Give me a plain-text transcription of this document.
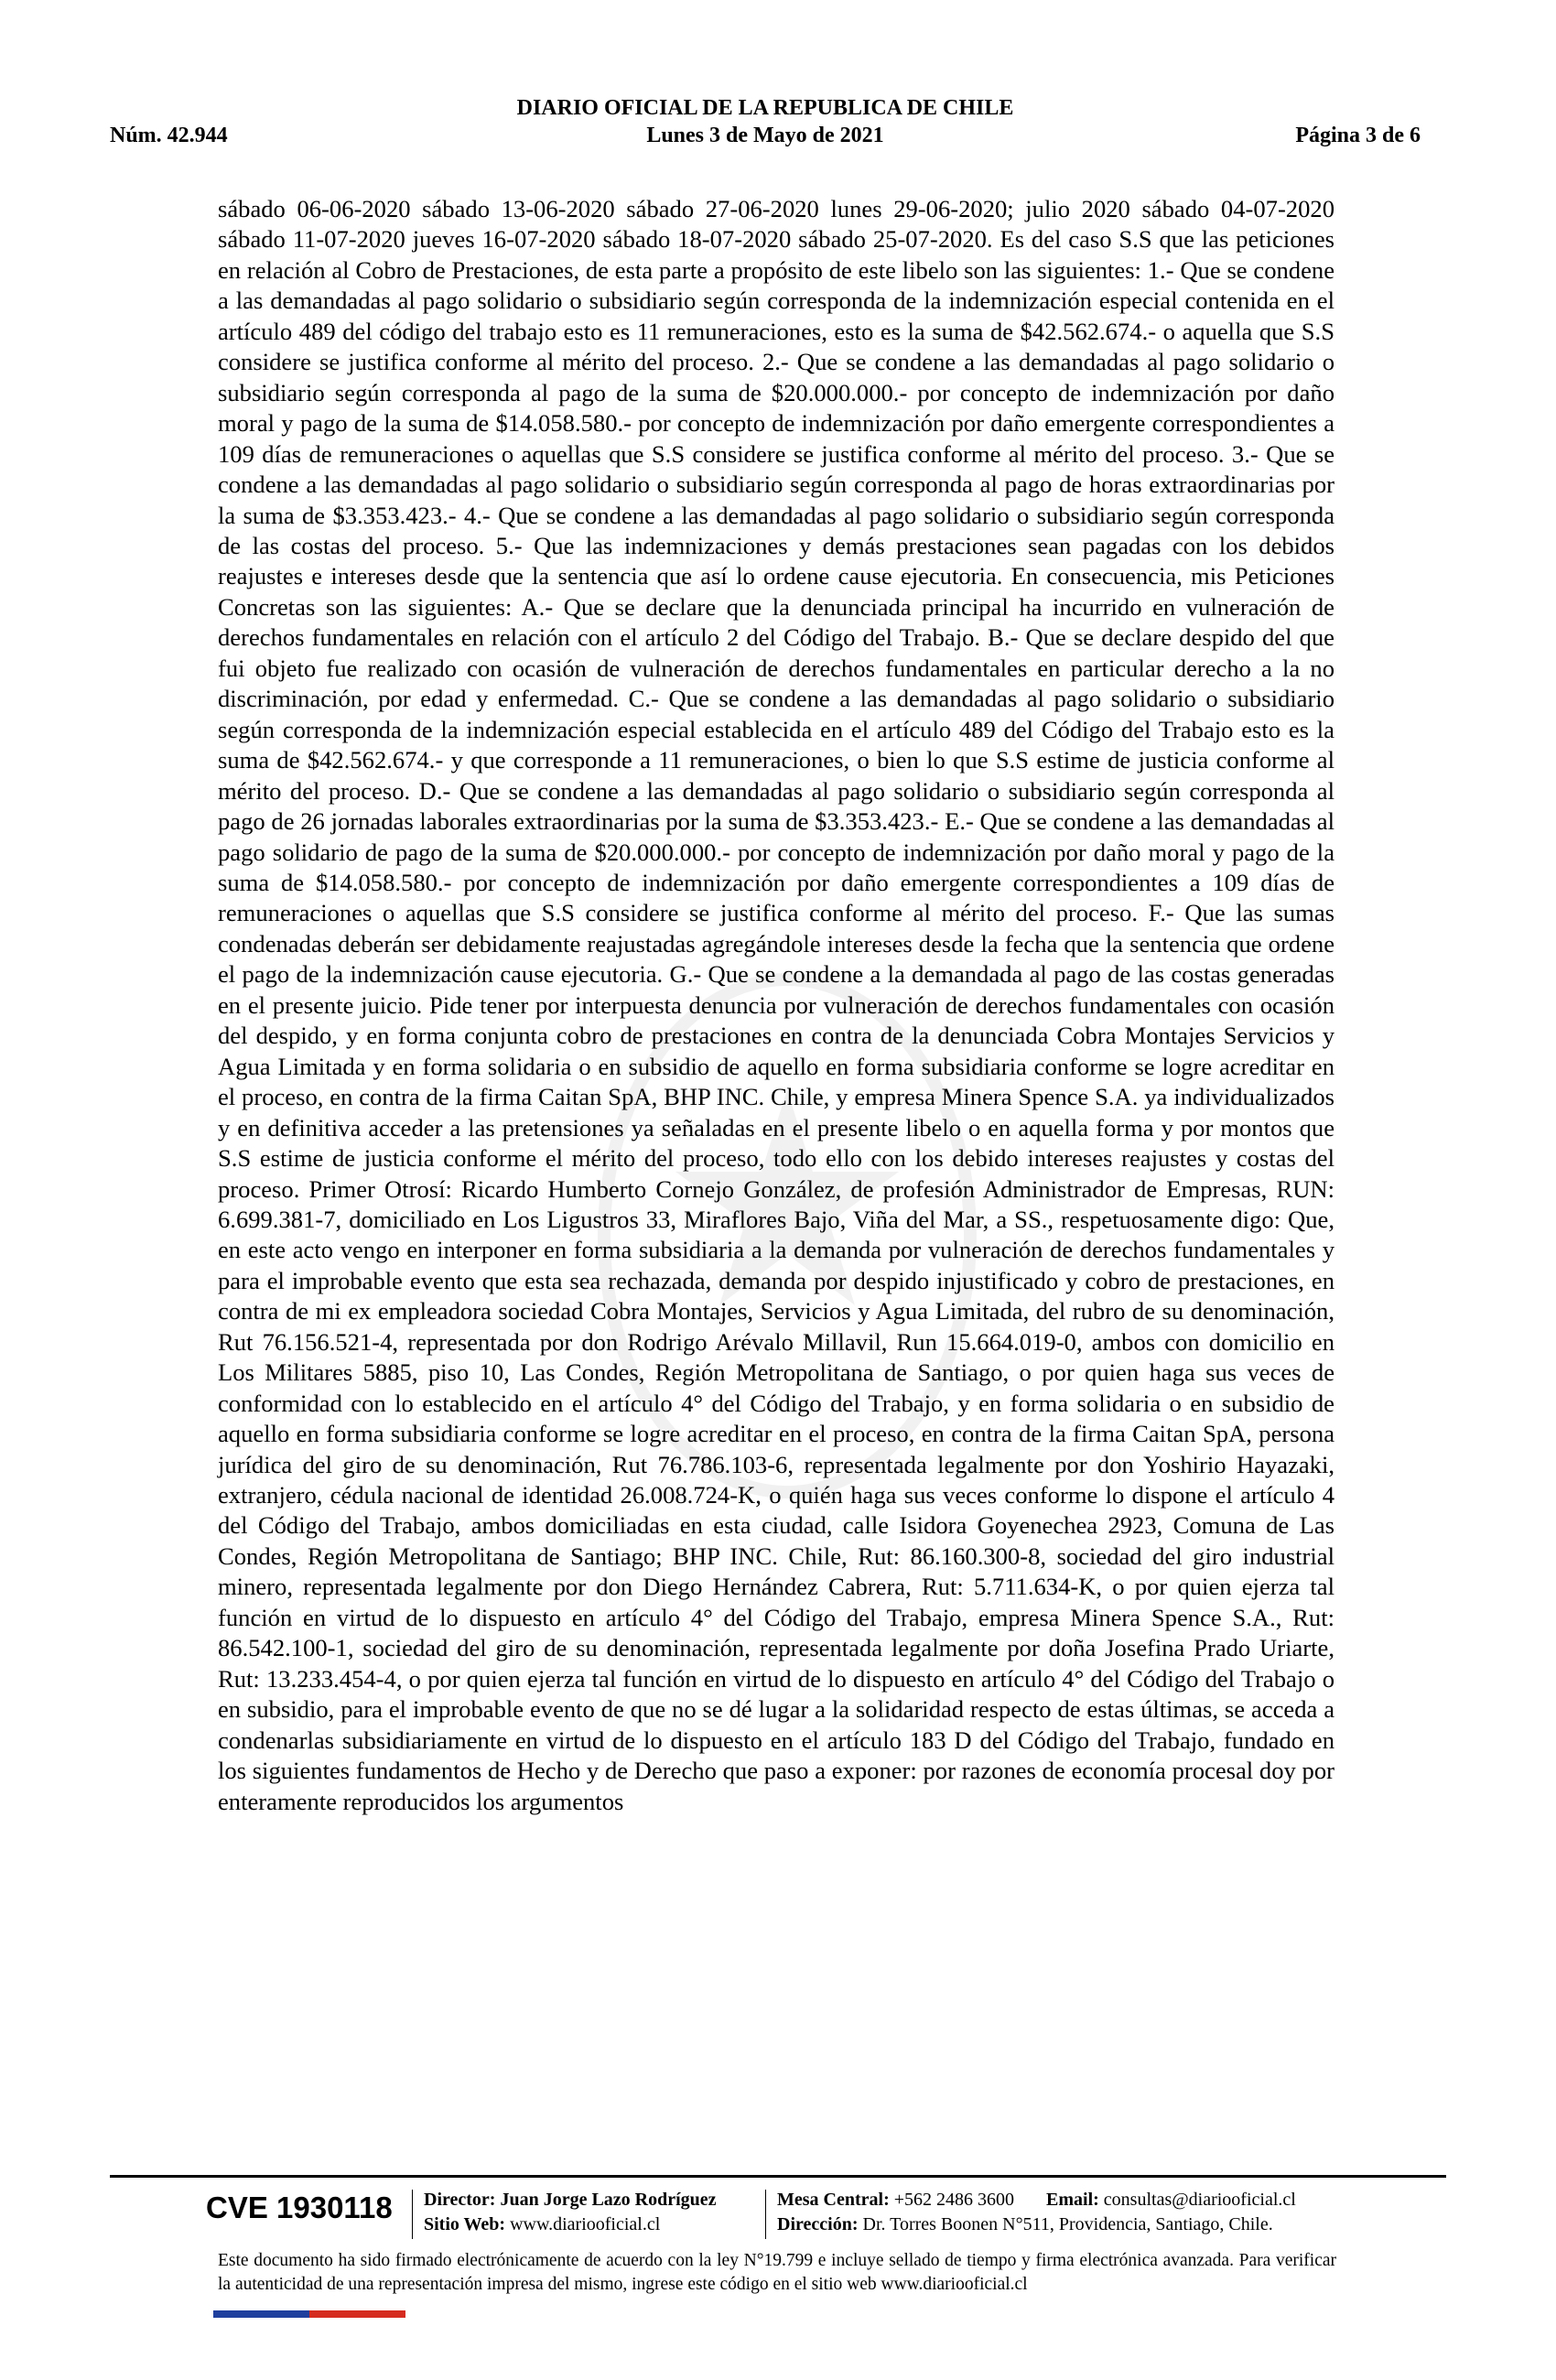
DIARIO OFICIAL DE LA REPUBLICA DE CHILE
Núm. 42.944	Lunes 3 de Mayo de 2021	Página 3 de 6

sábado 06-06-2020 sábado 13-06-2020 sábado 27-06-2020 lunes 29-06-2020; julio 2020 sábado 04-07-2020 sábado 11-07-2020 jueves 16-07-2020 sábado 18-07-2020 sábado 25-07-2020. Es del caso S.S que las peticiones en relación al Cobro de Prestaciones, de esta parte a propósito de este libelo son las siguientes: 1.- Que se condene a las demandadas al pago solidario o subsidiario según corresponda de la indemnización especial contenida en el artículo 489 del código del trabajo esto es 11 remuneraciones, esto es la suma de $42.562.674.- o aquella que S.S considere se justifica conforme al mérito del proceso. 2.- Que se condene a las demandadas al pago solidario o subsidiario según corresponda al pago de la suma de $20.000.000.- por concepto de indemnización por daño moral y pago de la suma de $14.058.580.- por concepto de indemnización por daño emergente correspondientes a 109 días de remuneraciones o aquellas que S.S considere se justifica conforme al mérito del proceso. 3.- Que se condene a las demandadas al pago solidario o subsidiario según corresponda al pago de horas extraordinarias por la suma de $3.353.423.- 4.- Que se condene a las demandadas al pago solidario o subsidiario según corresponda de las costas del proceso. 5.- Que las indemnizaciones y demás prestaciones sean pagadas con los debidos reajustes e intereses desde que la sentencia que así lo ordene cause ejecutoria. En consecuencia, mis Peticiones Concretas son las siguientes: A.- Que se declare que la denunciada principal ha incurrido en vulneración de derechos fundamentales en relación con el artículo 2 del Código del Trabajo. B.- Que se declare despido del que fui objeto fue realizado con ocasión de vulneración de derechos fundamentales en particular derecho a la no discriminación, por edad y enfermedad. C.- Que se condene a las demandadas al pago solidario o subsidiario según corresponda de la indemnización especial establecida en el artículo 489 del Código del Trabajo esto es la suma de $42.562.674.- y que corresponde a 11 remuneraciones, o bien lo que S.S estime de justicia conforme al mérito del proceso. D.- Que se condene a las demandadas al pago solidario o subsidiario según corresponda al pago de 26 jornadas laborales extraordinarias por la suma de $3.353.423.- E.- Que se condene a las demandadas al pago solidario de pago de la suma de $20.000.000.- por concepto de indemnización por daño moral y pago de la suma de $14.058.580.- por concepto de indemnización por daño emergente correspondientes a 109 días de remuneraciones o aquellas que S.S considere se justifica conforme al mérito del proceso. F.- Que las sumas condenadas deberán ser debidamente reajustadas agregándole intereses desde la fecha que la sentencia que ordene el pago de la indemnización cause ejecutoria. G.- Que se condene a la demandada al pago de las costas generadas en el presente juicio. Pide tener por interpuesta denuncia por vulneración de derechos fundamentales con ocasión del despido, y en forma conjunta cobro de prestaciones en contra de la denunciada Cobra Montajes Servicios y Agua Limitada y en forma solidaria o en subsidio de aquello en forma subsidiaria conforme se logre acreditar en el proceso, en contra de la firma Caitan SpA, BHP INC. Chile, y empresa Minera Spence S.A. ya individualizados y en definitiva acceder a las pretensiones ya señaladas en el presente libelo o en aquella forma y por montos que S.S estime de justicia conforme el mérito del proceso, todo ello con los debido intereses reajustes y costas del proceso. Primer Otrosí: Ricardo Humberto Cornejo González, de profesión Administrador de Empresas, RUN: 6.699.381-7, domiciliado en Los Ligustros 33, Miraflores Bajo, Viña del Mar, a SS., respetuosamente digo: Que, en este acto vengo en interponer en forma subsidiaria a la demanda por vulneración de derechos fundamentales y para el improbable evento que esta sea rechazada, demanda por despido injustificado y cobro de prestaciones, en contra de mi ex empleadora sociedad Cobra Montajes, Servicios y Agua Limitada, del rubro de su denominación, Rut 76.156.521-4, representada por don Rodrigo Arévalo Millavil, Run 15.664.019-0, ambos con domicilio en Los Militares 5885, piso 10, Las Condes, Región Metropolitana de Santiago, o por quien haga sus veces de conformidad con lo establecido en el artículo 4° del Código del Trabajo, y en forma solidaria o en subsidio de aquello en forma subsidiaria conforme se logre acreditar en el proceso, en contra de la firma Caitan SpA, persona jurídica del giro de su denominación, Rut 76.786.103-6, representada legalmente por don Yoshirio Hayazaki, extranjero, cédula nacional de identidad 26.008.724-K, o quién haga sus veces conforme lo dispone el artículo 4 del Código del Trabajo, ambos domiciliadas en esta ciudad, calle Isidora Goyenechea 2923, Comuna de Las Condes, Región Metropolitana de Santiago; BHP INC. Chile, Rut: 86.160.300-8, sociedad del giro industrial minero, representada legalmente por don Diego Hernández Cabrera, Rut: 5.711.634-K, o por quien ejerza tal función en virtud de lo dispuesto en artículo 4° del Código del Trabajo, empresa Minera Spence S.A., Rut: 86.542.100-1, sociedad del giro de su denominación, representada legalmente por doña Josefina Prado Uriarte, Rut: 13.233.454-4, o por quien ejerza tal función en virtud de lo dispuesto en artículo 4° del Código del Trabajo o en subsidio, para el improbable evento de que no se dé lugar a la solidaridad respecto de estas últimas, se acceda a condenarlas subsidiariamente en virtud de lo dispuesto en el artículo 183 D del Código del Trabajo, fundado en los siguientes fundamentos de Hecho y de Derecho que paso a exponer: por razones de economía procesal doy por enteramente reproducidos los argumentos

CVE 1930118 Director: Juan Jorge Lazo Rodríguez
Sitio Web: www.diariooficial.cl
Mesa Central: +562 2486 3600 Email: consultas@diariooficial.cl
Dirección: Dr. Torres Boonen N°511, Providencia, Santiago, Chile.

Este documento ha sido firmado electrónicamente de acuerdo con la ley N°19.799 e incluye sellado de tiempo y firma electrónica avanzada. Para verificar la autenticidad de una representación impresa del mismo, ingrese este código en el sitio web www.diariooficial.cl
